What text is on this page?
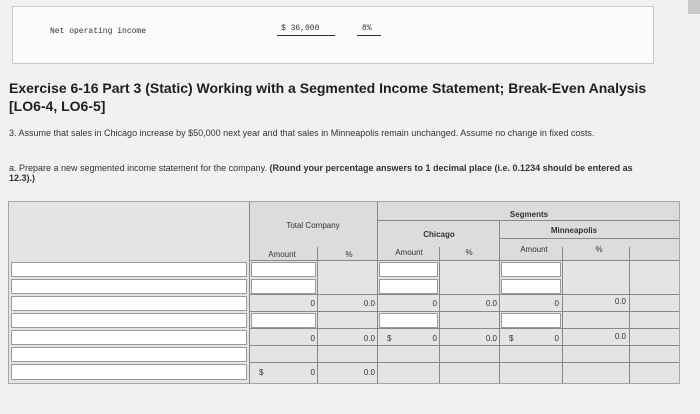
Net operating income	$ 36,000	8%
Exercise 6-16 Part 3 (Static) Working with a Segmented Income Statement; Break-Even Analysis [LO6-4, LO6-5]
3. Assume that sales in Chicago increase by $50,000 next year and that sales in Minneapolis remain unchanged. Assume no change in fixed costs.
a. Prepare a new segmented income statement for the company. (Round your percentage answers to 1 decimal place (i.e. 0.1234 should be entered as 12.3).)
Segments
Total Company
Chicago	Minneapolis
Amount	%	Amount	%	Amount	%
0	0.0	0	0.0	0	0.0
0	0.0 $	0	0.0 $	0	0.0
$	0	0.0
